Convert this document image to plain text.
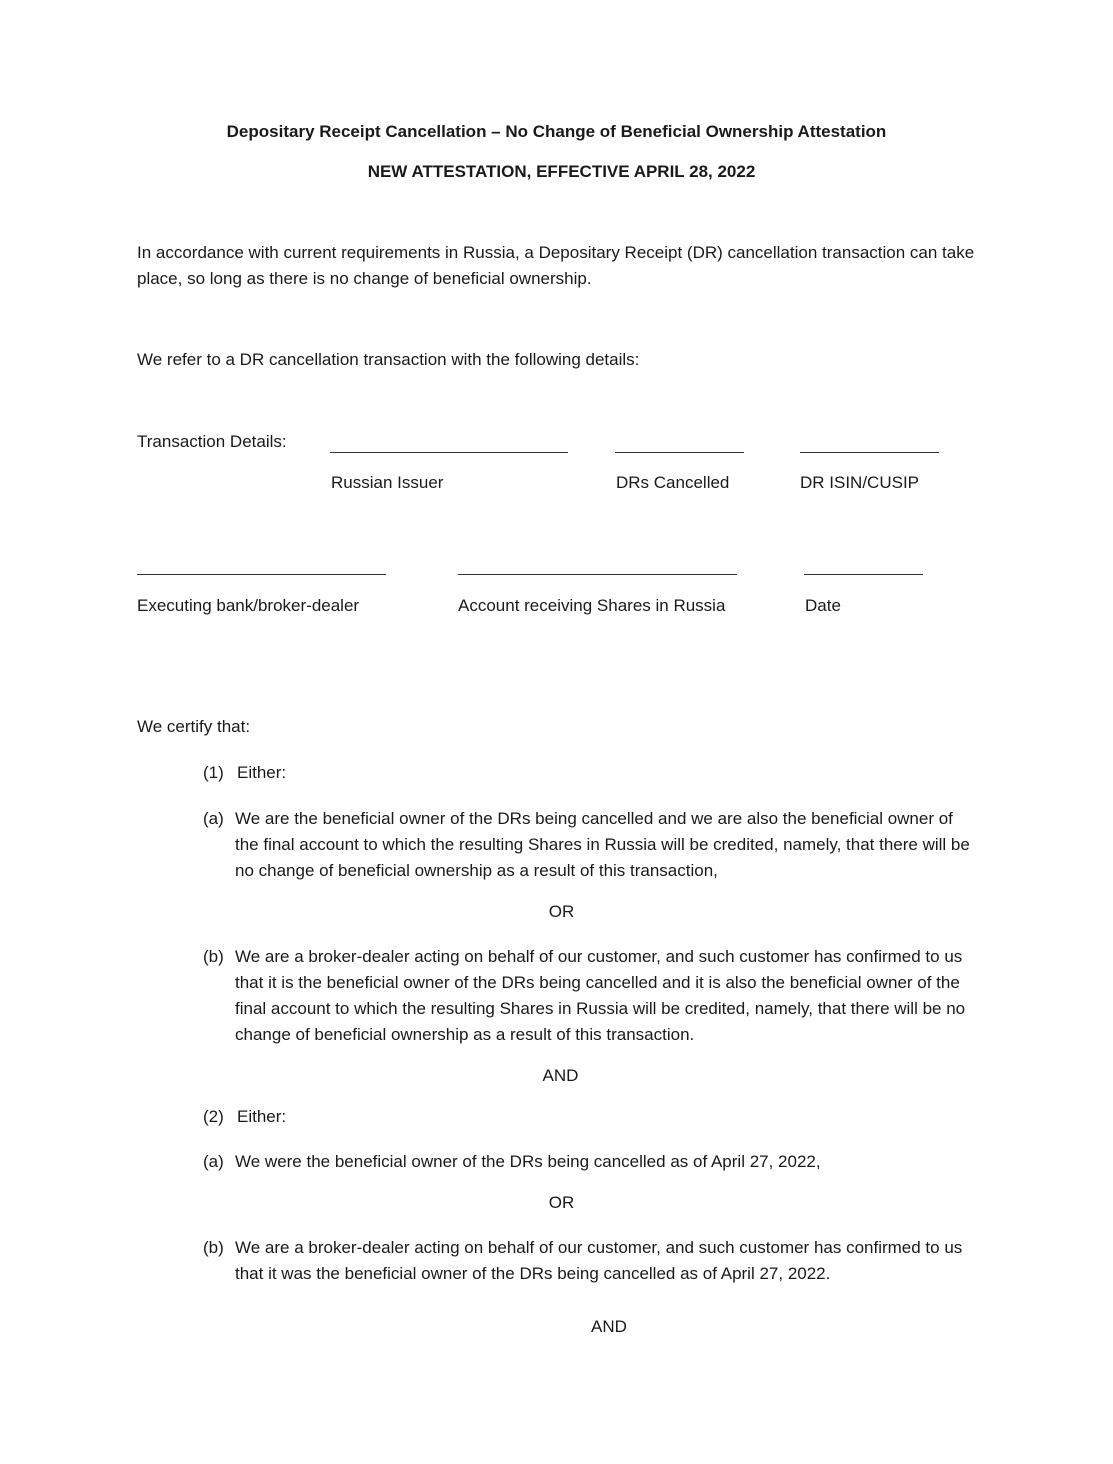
Depositary Receipt Cancellation – No Change of Beneficial Ownership Attestation
NEW ATTESTATION, EFFECTIVE APRIL 28, 2022
In accordance with current requirements in Russia, a Depositary Receipt (DR) cancellation transaction can take place, so long as there is no change of beneficial ownership.
We refer to a DR cancellation transaction with the following details:
Transaction Details:
Russian Issuer	DRs Cancelled	DR ISIN/CUSIP
Executing bank/broker-dealer	Account receiving Shares in Russia	Date
We certify that:
(1) Either:
(a) We are the beneficial owner of the DRs being cancelled and we are also the beneficial owner of the final account to which the resulting Shares in Russia will be credited, namely, that there will be no change of beneficial ownership as a result of this transaction,
OR
(b) We are a broker-dealer acting on behalf of our customer, and such customer has confirmed to us that it is the beneficial owner of the DRs being cancelled and it is also the beneficial owner of the final account to which the resulting Shares in Russia will be credited, namely, that there will be no change of beneficial ownership as a result of this transaction.
AND
(2) Either:
(a) We were the beneficial owner of the DRs being cancelled as of April 27, 2022,
OR
(b) We are a broker-dealer acting on behalf of our customer, and such customer has confirmed to us that it was the beneficial owner of the DRs being cancelled as of April 27, 2022.
AND
